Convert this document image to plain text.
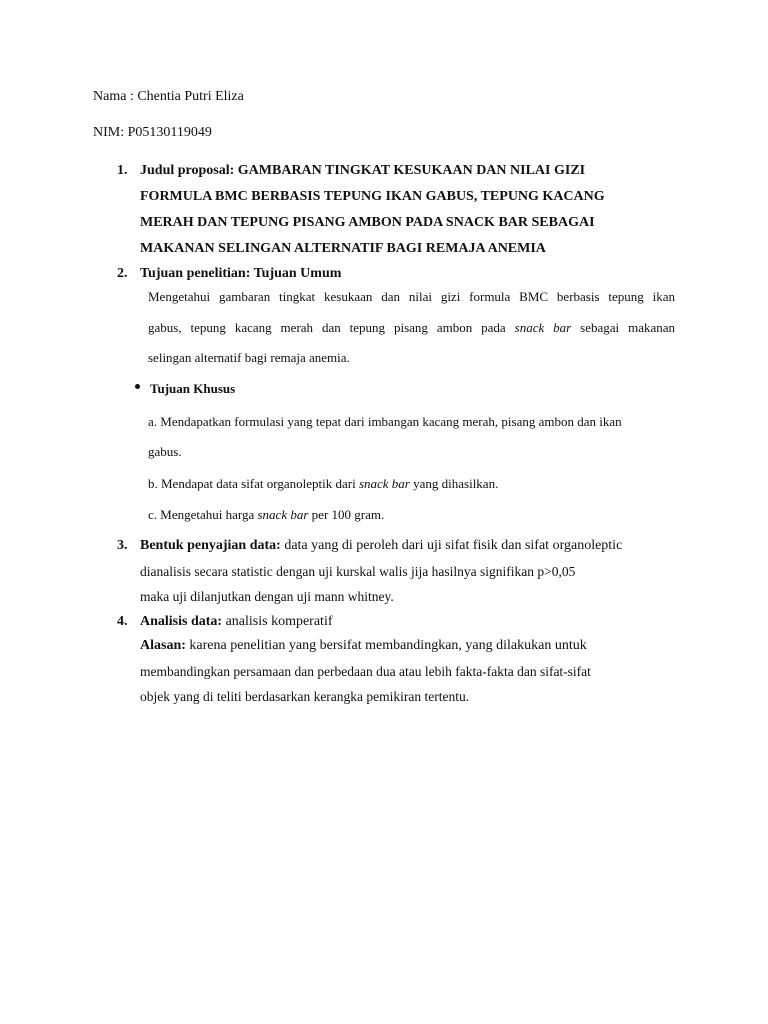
Nama : Chentia Putri Eliza
NIM: P05130119049
1. Judul proposal: GAMBARAN TINGKAT KESUKAAN DAN NILAI GIZI
FORMULA BMC BERBASIS TEPUNG IKAN GABUS, TEPUNG KACANG
MERAH DAN TEPUNG PISANG AMBON PADA SNACK BAR SEBAGAI
MAKANAN SELINGAN ALTERNATIF BAGI REMAJA ANEMIA
2. Tujuan penelitian: Tujuan Umum
Mengetahui gambaran tingkat kesukaan dan nilai gizi formula BMC berbasis tepung ikan
gabus, tepung kacang merah dan tepung pisang ambon pada snack bar sebagai makanan
selingan alternatif bagi remaja anemia.
Tujuan Khusus
a. Mendapatkan formulasi yang tepat dari imbangan kacang merah, pisang ambon dan ikan
gabus.
b. Mendapat data sifat organoleptik dari snack bar yang dihasilkan.
c. Mengetahui harga snack bar per 100 gram.
3. Bentuk penyajian data: data yang di peroleh dari uji sifat fisik dan sifat organoleptic
dianalisis secara statistic dengan uji kurskal walis jija hasilnya signifikan p>0,05
maka uji dilanjutkan dengan uji mann whitney.
4. Analisis data: analisis komperatif
Alasan: karena penelitian yang bersifat membandingkan, yang dilakukan untuk
membandingkan persamaan dan perbedaan dua atau lebih fakta-fakta dan sifat-sifat
objek yang di teliti berdasarkan kerangka pemikiran tertentu.
